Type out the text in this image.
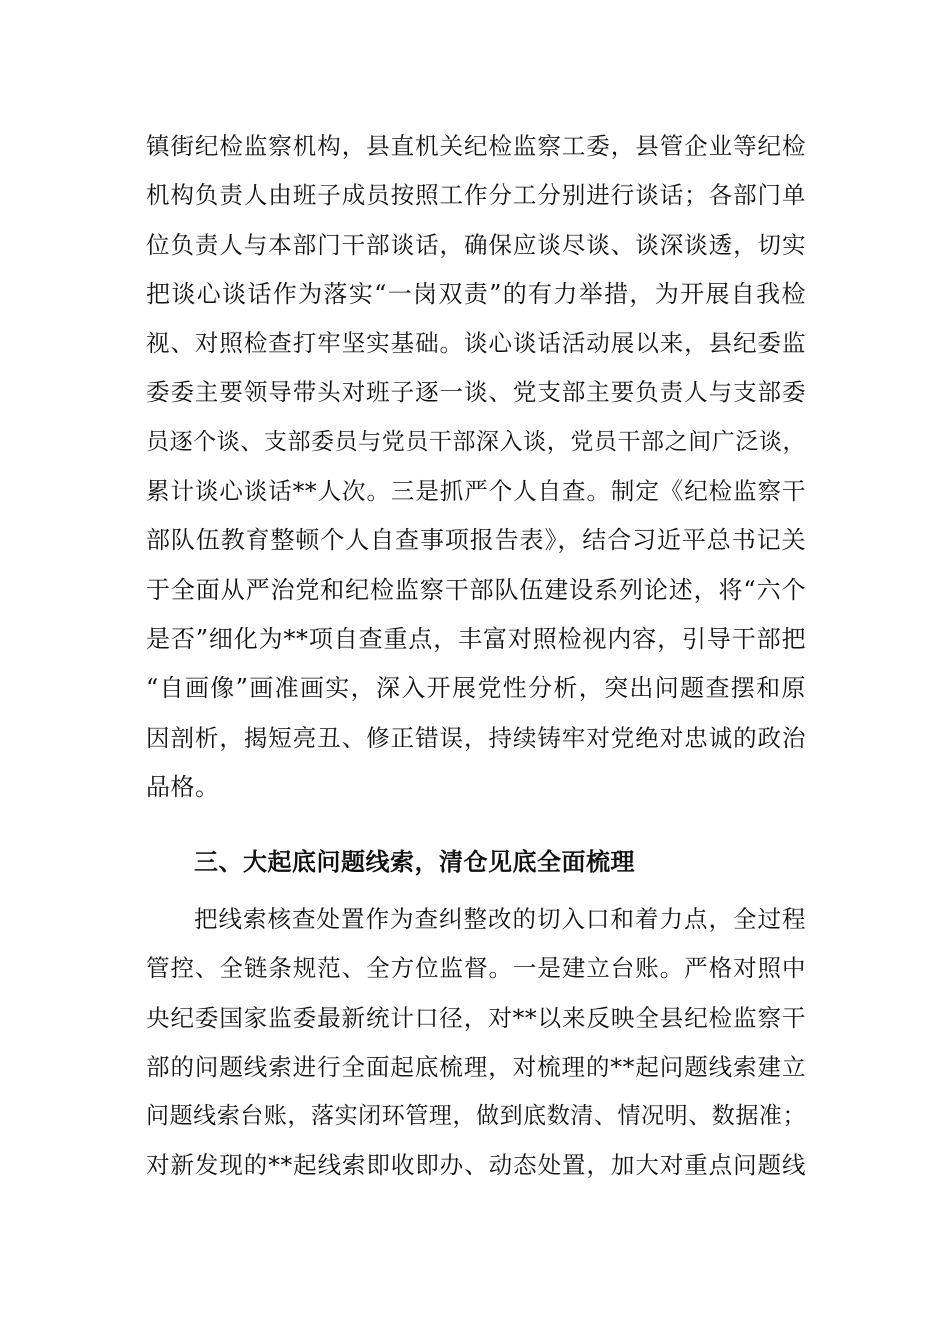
镇街纪检监察机构，县直机关纪检监察工委，县管企业等纪检
机构负责人由班子成员按照工作分工分别进行谈话；各部门单
位负责人与本部门干部谈话，确保应谈尽谈、谈深谈透，切实
把谈心谈话作为落实“一岗双责”的有力举措，为开展自我检
视、对照检查打牢坚实基础。谈心谈话活动展以来，县纪委监
委委主要领导带头对班子逐一谈、党支部主要负责人与支部委
员逐个谈、支部委员与党员干部深入谈，党员干部之间广泛谈，
累计谈心谈话**人次。三是抓严个人自查。制定《纪检监察干
部队伍教育整顿个人自查事项报告表》，结合习近平总书记关
于全面从严治党和纪检监察干部队伍建设系列论述，将“六个
是否”细化为**项自查重点，丰富对照检视内容，引导干部把
“自画像”画准画实，深入开展党性分析，突出问题查摆和原
因剖析，揭短亮丑、修正错误，持续铸牢对党绝对忠诚的政治
品格。
三、大起底问题线索，清仓见底全面梳理
把线索核查处置作为查纠整改的切入口和着力点，全过程
管控、全链条规范、全方位监督。一是建立台账。严格对照中
央纪委国家监委最新统计口径，对**以来反映全县纪检监察干
部的问题线索进行全面起底梳理，对梳理的**起问题线索建立
问题线索台账，落实闭环管理，做到底数清、情况明、数据准；
对新发现的**起线索即收即办、动态处置，加大对重点问题线
